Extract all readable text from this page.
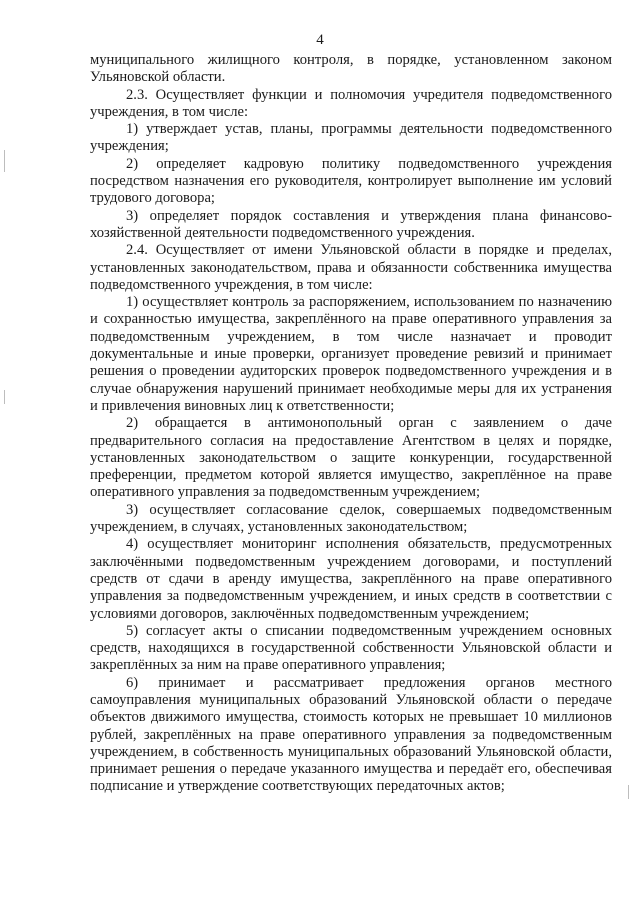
4

муниципального жилищного контроля, в порядке, установленном законом Ульяновской области.

2.3. Осуществляет функции и полномочия учредителя подведомственного учреждения, в том числе:

1) утверждает устав, планы, программы деятельности подведомственного учреждения;

2) определяет кадровую политику подведомственного учреждения посредством назначения его руководителя, контролирует выполнение им условий трудового договора;

3) определяет порядок составления и утверждения плана финансово-хозяйственной деятельности подведомственного учреждения.

2.4. Осуществляет от имени Ульяновской области в порядке и пределах, установленных законодательством, права и обязанности собственника имущества подведомственного учреждения, в том числе:

1) осуществляет контроль за распоряжением, использованием по назначению и сохранностью имущества, закреплённого на праве оперативного управления за подведомственным учреждением, в том числе назначает и проводит документальные и иные проверки, организует проведение ревизий и принимает решения о проведении аудиторских проверок подведомственного учреждения и в случае обнаружения нарушений принимает необходимые меры для их устранения и привлечения виновных лиц к ответственности;

2) обращается в антимонопольный орган с заявлением о даче предварительного согласия на предоставление Агентством в целях и порядке, установленных законодательством о защите конкуренции, государственной преференции, предметом которой является имущество, закреплённое на праве оперативного управления за подведомственным учреждением;

3) осуществляет согласование сделок, совершаемых подведомственным учреждением, в случаях, установленных законодательством;

4) осуществляет мониторинг исполнения обязательств, предусмотренных заключёнными подведомственным учреждением договорами, и поступлений средств от сдачи в аренду имущества, закреплённого на праве оперативного управления за подведомственным учреждением, и иных средств в соответствии с условиями договоров, заключённых подведомственным учреждением;

5) согласует акты о списании подведомственным учреждением основных средств, находящихся в государственной собственности Ульяновской области и закреплённых за ним на праве оперативного управления;

6) принимает и рассматривает предложения органов местного самоуправления муниципальных образований Ульяновской области о передаче объектов движимого имущества, стоимость которых не превышает 10 миллионов рублей, закреплённых на праве оперативного управления за подведомственным учреждением, в собственность муниципальных образований Ульяновской области, принимает решения о передаче указанного имущества и передаёт его, обеспечивая подписание и утверждение соответствующих передаточных актов;
